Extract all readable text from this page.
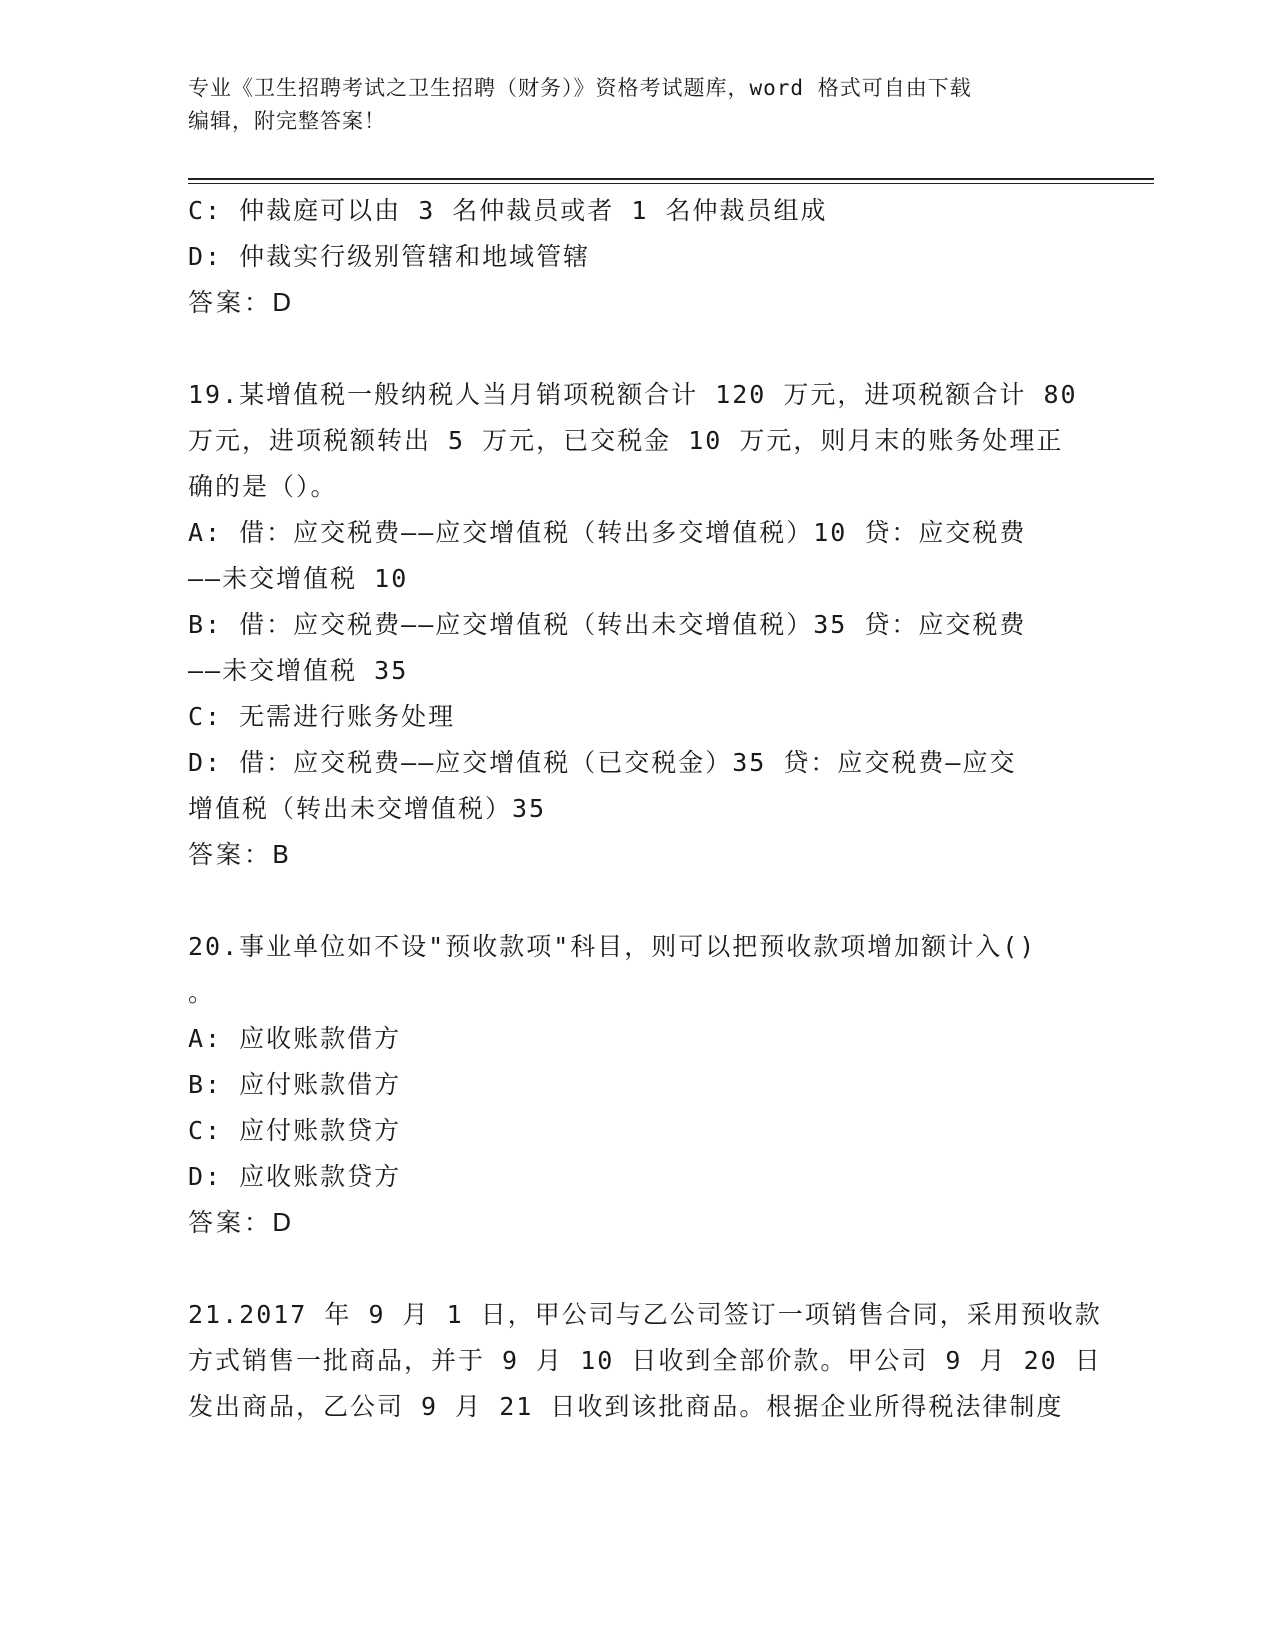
专业《卫生招聘考试之卫生招聘（财务）》资格考试题库，word 格式可自由下载
编辑，附完整答案！
C: 仲裁庭可以由 3 名仲裁员或者 1 名仲裁员组成
D: 仲裁实行级别管辖和地域管辖
答案：D
19.某增值税一般纳税人当月销项税额合计 120 万元，进项税额合计 80
万元，进项税额转出 5 万元，已交税金 10 万元，则月末的账务处理正
确的是（）。
A: 借：应交税费——应交增值税（转出多交增值税）10 贷：应交税费
——未交增值税 10
B: 借：应交税费——应交增值税（转出未交增值税）35 贷：应交税费
——未交增值税 35
C: 无需进行账务处理
D: 借：应交税费——应交增值税（已交税金）35 贷：应交税费—应交
增值税（转出未交增值税）35
答案：B
20.事业单位如不设"预收款项"科目，则可以把预收款项增加额计入()
。
A: 应收账款借方
B: 应付账款借方
C: 应付账款贷方
D: 应收账款贷方
答案：D
21.2017 年 9 月 1 日，甲公司与乙公司签订一项销售合同，采用预收款
方式销售一批商品，并于 9 月 10 日收到全部价款。甲公司 9 月 20 日
发出商品，乙公司 9 月 21 日收到该批商品。根据企业所得税法律制度
